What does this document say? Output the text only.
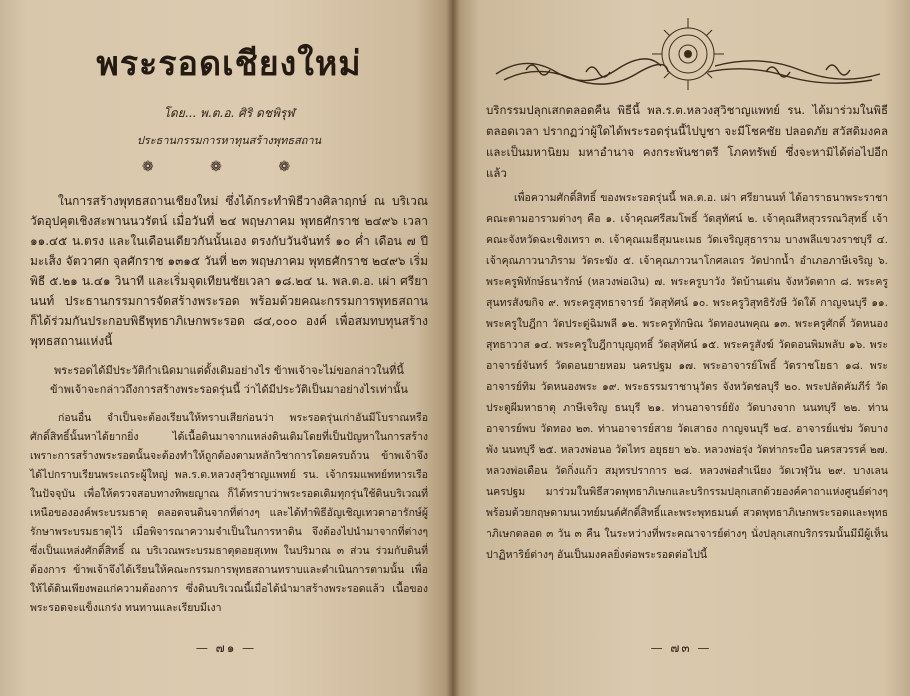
พระรอดเชียงใหม่
โดย... พ.ต.อ. ศิริ ดชพิรุฬ
ประธานกรรมการหาทุนสร้างพุทธสถาน
❁ ❁ ❁

ในการสร้างพุทธสถานเชียงใหม่ ซึ่งได้กระทำพิธีวางศิลาฤกษ์ ณ บริเวณวัดอุปคุตเชิงสะพานนวรัตน์ เมื่อวันที่ ๒๔ พฤษภาคม พุทธศักราช ๒๔๙๖ เวลา ๑๑.๔๕ น.ตรง และในเดือนเดียวกันนั้นเอง ตรงกับวันจันทร์ ๑๐ ค่ำ เดือน ๗ ปีมะเส็ง จัตวาศก จุลศักราช ๑๓๑๕ วันที่ ๒๓ พฤษภาคม พุทธศักราช ๒๔๙๖ เริ่มพิธี ๕.๒๑ น.๔๑ วินาที และเริ่มจุดเทียนชัยเวลา ๑๘.๒๔ น. พล.ต.อ. เผ่า ศรียานนท์ ประธานกรรมการจัดสร้างพระรอด พร้อมด้วยคณะกรรมการพุทธสถานก็ได้ร่วมกันประกอบพิธีพุทธาภิเษกพระรอด ๘๔,๐๐๐ องค์ เพื่อสมทบทุนสร้างพุทธสถานแห่งนี้

พระรอดได้มีประวัติกำเนิดมาแต่ดั้งเดิมอย่างไร ข้าพเจ้าจะไม่ขอกล่าวในที่นี้
ข้าพเจ้าจะกล่าวถึงการสร้างพระรอดรุ่นนี้ ว่าได้มีประวัติเป็นมาอย่างไรเท่านั้น

ก่อนอื่น จำเป็นจะต้องเรียนให้ทราบเสียก่อนว่า พระรอดรุ่นเก่าอันมีโบราณหรือศักดิ์สิทธิ์นั้นหาได้ยากยิ่ง ได้เนื้อดินมาจากแหล่งดินเดิมโดยที่เป็นปัญหาในการสร้าง เพราะการสร้างพระรอดนั้นจะต้องทำให้ถูกต้องตามหลักวิชาการโดยครบถ้วน ข้าพเจ้าจึงได้ไปกราบเรียนพระเถระผู้ใหญ่ พล.ร.ต.หลวงสุวิชาญแพทย์ รน. เจ้ากรมแพทย์ทหารเรือในปัจจุบัน เพื่อให้ตรวจสอบทางทิพยญาณ ก็ได้ทราบว่าพระรอดเดิมทุกรุ่นใช้ดินบริเวณที่เหนือขององค์พระบรมธาตุ ตลอดจนดินจากที่ต่างๆ และได้ทำพิธีอัญเชิญเทวดาอารักษ์ผู้รักษาพระบรมธาตุไว้ เมื่อพิจารณาความจำเป็นในการหาดิน จึงต้องไปนำมาจากที่ต่างๆ ซึ่งเป็นแหล่งศักดิ์สิทธิ์ ณ บริเวณพระบรมธาตุดอยสุเทพ ในปริมาณ ๓ ส่วน ร่วมกับดินที่ต้องการ ข้าพเจ้าจึงได้เรียนให้คณะกรรมการพุทธสถานทราบและดำเนินการตามนั้น เพื่อให้ได้ดินเพียงพอแก่ความต้องการ ซึ่งดินบริเวณนี้เมื่อได้นำมาสร้างพระรอดแล้ว เนื้อของพระรอดจะแข็งแกร่ง ทนทานและเรียบมีเงา

— ๗๑ —

บริกรรมปลุกเสกตลอดคืน พิธีนี้ พล.ร.ต.หลวงสุวิชาญแพทย์ รน. ได้มาร่วมในพิธีตลอดเวลา ปรากฏว่าผู้ใดได้พระรอดรุ่นนี้ไปบูชา จะมีโชคชัย ปลอดภัย สวัสดิมงคล และเป็นมหานิยม มหาอำนาจ คงกระพันชาตรี โภคทรัพย์ ซึ่งจะหามิได้ต่อไปอีกแล้ว

เพื่อความศักดิ์สิทธิ์ ของพระรอดรุ่นนี้ พล.ต.อ. เผ่า ศรียานนท์ ได้อาราธนาพระราชาคณะตามอารามต่างๆ คือ ๑. เจ้าคุณศรีสมโพธิ์ วัดสุทัศน์ ๒. เจ้าคุณสีหสุวรรณวิสุทธิ์ เจ้าคณะจังหวัดฉะเชิงเทรา ๓. เจ้าคุณเมธีสุมนะเมธ วัดเจริญสุธาราม บางพลีแขวงราชบุรี ๔. เจ้าคุณภาวนาภิราม วัดระฆัง ๕. เจ้าคุณภาวนาโกศลเถร วัดปากน้ำ อำเภอภาษีเจริญ ๖. พระครูพิทักษ์ธนารักษ์ (หลวงพ่อเงิน) ๗. พระครูบาวัง วัดบ้านเด่น จังหวัดตาก ๘. พระครูสุนทรสังฆกิจ ๙. พระครูสุทธาจารย์ วัดสุทัศน์ ๑๐. พระครูวิสุทธิรังษี วัดใต้ กาญจนบุรี ๑๑. พระครูใบฎีกา วัดประดู่ฉิมพลี ๑๒. พระครูทักษิณ วัดทองนพคุณ ๑๓. พระครูศักดิ์ วัดหนองสุทธาวาส ๑๔. พระครูใบฎีกาบุญฤทธิ์ วัดสุทัศน์ ๑๕. พระครูสังฆ์ วัดดอนพิมพลับ ๑๖. พระอาจารย์จันทร์ วัดดอนยายหอม นครปฐม ๑๗. พระอาจารย์โพธิ์ วัดราชโยธา ๑๘. พระอาจารย์ทิม วัดหนองพระ ๑๙. พระธรรมราชานุวัตร จังหวัดชลบุรี ๒๐. พระปลัดคัมภีร์ วัดประตูผีมหาธาตุ ภาษีเจริญ ธนบุรี ๒๑. ท่านอาจารย์ยัง วัดบางจาก นนทบุรี ๒๒. ท่านอาจารย์พบ วัดทอง ๒๓. ท่านอาจารย์สาย วัดเสาธง กาญจนบุรี ๒๔. อาจารย์แช่ม วัดบางพัง นนทบุรี ๒๕. หลวงพ่อนอ วัดไทร อยุธยา ๒๖. หลวงพ่อรุ่ง วัดท่ากระบือ นครสวรรค์ ๒๗. หลวงพ่อเดือน วัดกิ่งแก้ว สมุทรปราการ ๒๘. หลวงพ่อสำเนียง วัดเวฬุวัน ๒๙. บางเลน นครปฐม มาร่วมในพิธีสวดพุทธาภิเษกและบริกรรมปลุกเสกด้วยองค์คาถาแห่งศูนย์ต่างๆ พร้อมด้วยกฤษดามนเวทย์มนต์ศักดิ์สิทธิ์และพระพุทธมนต์ สวดพุทธาภิเษกพระรอดและพุทธาภิเษกตลอด ๓ วัน ๓ คืน ในระหว่างที่พระคณาจารย์ต่างๆ นั่งปลุกเสกบริกรรมนั้นมีมีผู้เห็นปาฏิหาริย์ต่างๆ อันเป็นมงคลยิ่งต่อพระรอดต่อไปนี้

— ๗๓ —
